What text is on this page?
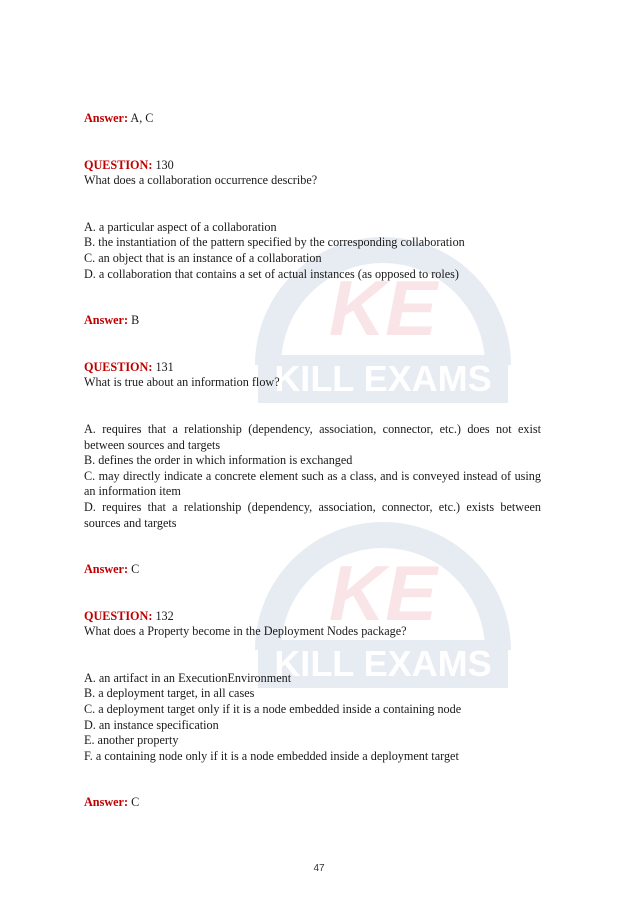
KE
KILL EXAMS
KE
KILL EXAMS

Answer: A, C

QUESTION: 130

What does a collaboration occurrence describe?

A. a particular aspect of a collaboration

B. the instantiation of the pattern specified by the corresponding collaboration

C. an object that is an instance of a collaboration

D. a collaboration that contains a set of actual instances (as opposed to roles)

Answer: B

QUESTION: 131

What is true about an information flow?

A. requires that a relationship (dependency, association, connector, etc.) does not exist between sources and targets

B. defines the order in which information is exchanged

C. may directly indicate a concrete element such as a class, and is conveyed instead of using an information item

D. requires that a relationship (dependency, association, connector, etc.) exists between sources and targets

Answer: C

QUESTION: 132

What does a Property become in the Deployment Nodes package?

A. an artifact in an ExecutionEnvironment

B. a deployment target, in all cases

C. a deployment target only if it is a node embedded inside a containing node

D. an instance specification

E. another property

F. a containing node only if it is a node embedded inside a deployment target

Answer: C

47
